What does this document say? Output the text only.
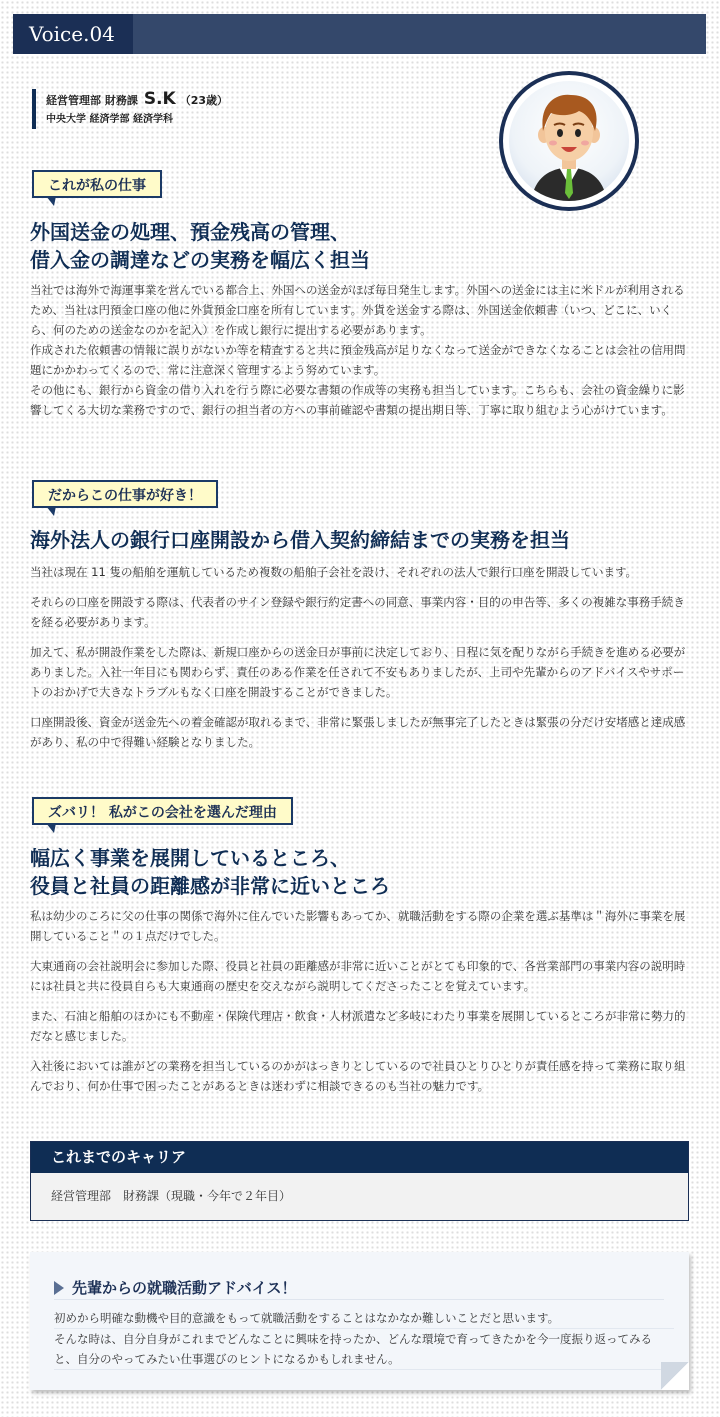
Voice.04
経営管理部 財務課 S.K （23歳）
中央大学 経済学部 経済学科
これが私の仕事
外国送金の処理、預金残高の管理、
借入金の調達などの実務を幅広く担当

当社では海外で海運事業を営んでいる都合上、外国への送金がほぼ毎日発生します。外国への送金には主に米ドルが利用されるため、当社は円預金口座の他に外貨預金口座を所有しています。外貨を送金する際は、外国送金依頼書（いつ、どこに、いくら、何のための送金なのかを記入）を作成し銀行に提出する必要があります。

作成された依頼書の情報に誤りがないか等を精査すると共に預金残高が足りなくなって送金ができなくなることは会社の信用問題にかかわってくるので、常に注意深く管理するよう努めています。

その他にも、銀行から資金の借り入れを行う際に必要な書類の作成等の実務も担当しています。こちらも、会社の資金繰りに影響してくる大切な業務ですので、銀行の担当者の方への事前確認や書類の提出期日等、丁寧に取り組むよう心がけています。

だからこの仕事が好き！
海外法人の銀行口座開設から借入契約締結までの実務を担当

当社は現在 11 隻の船舶を運航しているため複数の船舶子会社を設け、それぞれの法人で銀行口座を開設しています。

それらの口座を開設する際は、代表者のサイン登録や銀行約定書への同意、事業内容・目的の申告等、多くの複雑な事務手続きを経る必要があります。

加えて、私が開設作業をした際は、新規口座からの送金日が事前に決定しており、日程に気を配りながら手続きを進める必要がありました。入社一年目にも関わらず、責任のある作業を任されて不安もありましたが、上司や先輩からのアドバイスやサポートのおかげで大きなトラブルもなく口座を開設することができました。

口座開設後、資金が送金先への着金確認が取れるまで、非常に緊張しましたが無事完了したときは緊張の分だけ安堵感と達成感があり、私の中で得難い経験となりました。

ズバリ！ 私がこの会社を選んだ理由
幅広く事業を展開しているところ、
役員と社員の距離感が非常に近いところ

私は幼少のころに父の仕事の関係で海外に住んでいた影響もあってか、就職活動をする際の企業を選ぶ基準は＂海外に事業を展開していること＂の１点だけでした。

大東通商の会社説明会に参加した際、役員と社員の距離感が非常に近いことがとても印象的で、各営業部門の事業内容の説明時には社員と共に役員自らも大東通商の歴史を交えながら説明してくださったことを覚えています。

また、石油と船舶のほかにも不動産・保険代理店・飲食・人材派遣など多岐にわたり事業を展開しているところが非常に勢力的だなと感じました。

入社後においては誰がどの業務を担当しているのかがはっきりとしているので社員ひとりひとりが責任感を持って業務に取り組んでおり、何か仕事で困ったことがあるときは迷わずに相談できるのも当社の魅力です。

これまでのキャリア
経営管理部　財務課（現職・今年で２年目）
先輩からの就職活動アドバイス！

初めから明確な動機や目的意識をもって就職活動をすることはなかなか難しいことだと思います。

そんな時は、自分自身がこれまでどんなことに興味を持ったか、どんな環境で育ってきたかを今一度振り返ってみると、自分のやってみたい仕事選びのヒントになるかもしれません。
